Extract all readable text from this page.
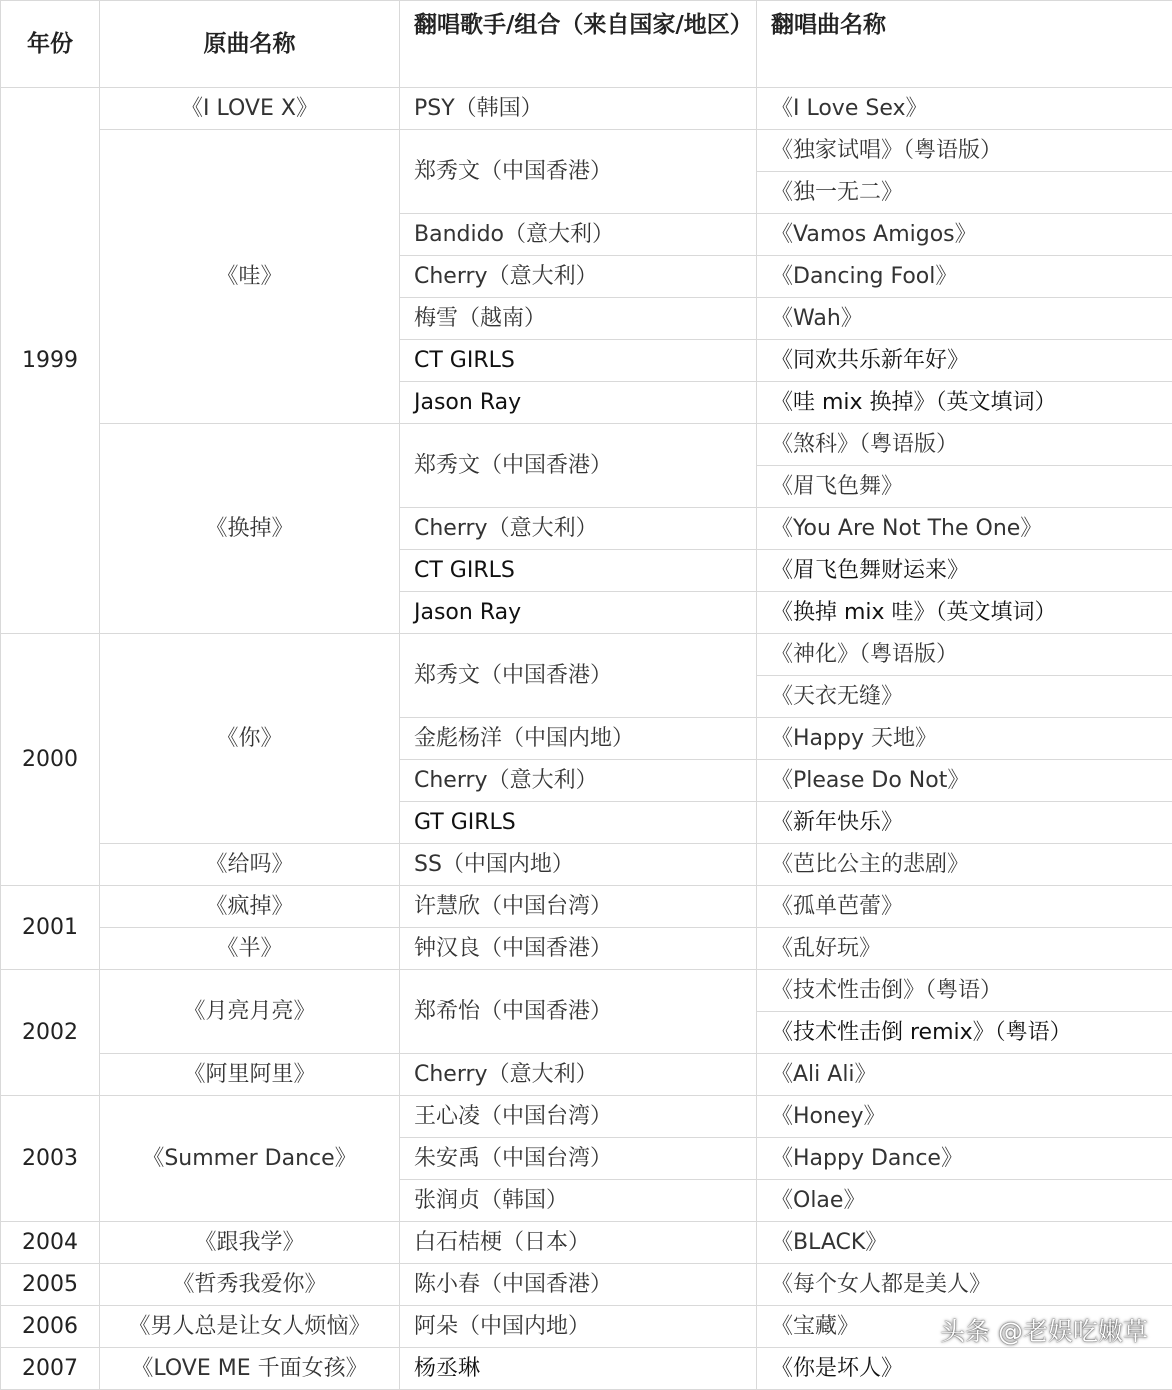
年份	原曲名称	翻唱歌手/组合（来自国家/地区）	翻唱曲名称
1999	《I LOVE X》	PSY（韩国）	《I Love Sex》
	《哇》	郑秀文（中国香港）	《独家试唱》（粤语版）
			《独一无二》
		Bandido（意大利）	《Vamos Amigos》
		Cherry（意大利）	《Dancing Fool》
		梅雪（越南）	《Wah》
		CT GIRLS	《同欢共乐新年好》
		Jason Ray	《哇 mix 换掉》（英文填词）
	《换掉》	郑秀文（中国香港）	《煞科》（粤语版）
			《眉飞色舞》
		Cherry（意大利）	《You Are Not The One》
		CT GIRLS	《眉飞色舞财运来》
		Jason Ray	《换掉 mix 哇》（英文填词）
2000	《你》	郑秀文（中国香港）	《神化》（粤语版）
			《天衣无缝》
		金彪杨洋（中国内地）	《Happy 天地》
		Cherry（意大利）	《Please Do Not》
		GT GIRLS	《新年快乐》
	《给吗》	SS（中国内地）	《芭比公主的悲剧》
2001	《疯掉》	许慧欣（中国台湾）	《孤单芭蕾》
	《半》	钟汉良（中国香港）	《乱好玩》
2002	《月亮月亮》	郑希怡（中国香港）	《技术性击倒》（粤语）
			《技术性击倒 remix》（粤语）
	《阿里阿里》	Cherry（意大利）	《Ali Ali》
2003	《Summer Dance》	王心凌（中国台湾）	《Honey》
		朱安禹（中国台湾）	《Happy Dance》
		张润贞（韩国）	《Olae》
2004	《跟我学》	白石桔梗（日本）	《BLACK》
2005	《哲秀我爱你》	陈小春（中国香港）	《每个女人都是美人》
2006	《男人总是让女人烦恼》	阿朵（中国内地）	《宝藏》
2007	《LOVE ME 千面女孩》	杨丞琳	《你是坏人》
头条 @老娱吃嫩草
